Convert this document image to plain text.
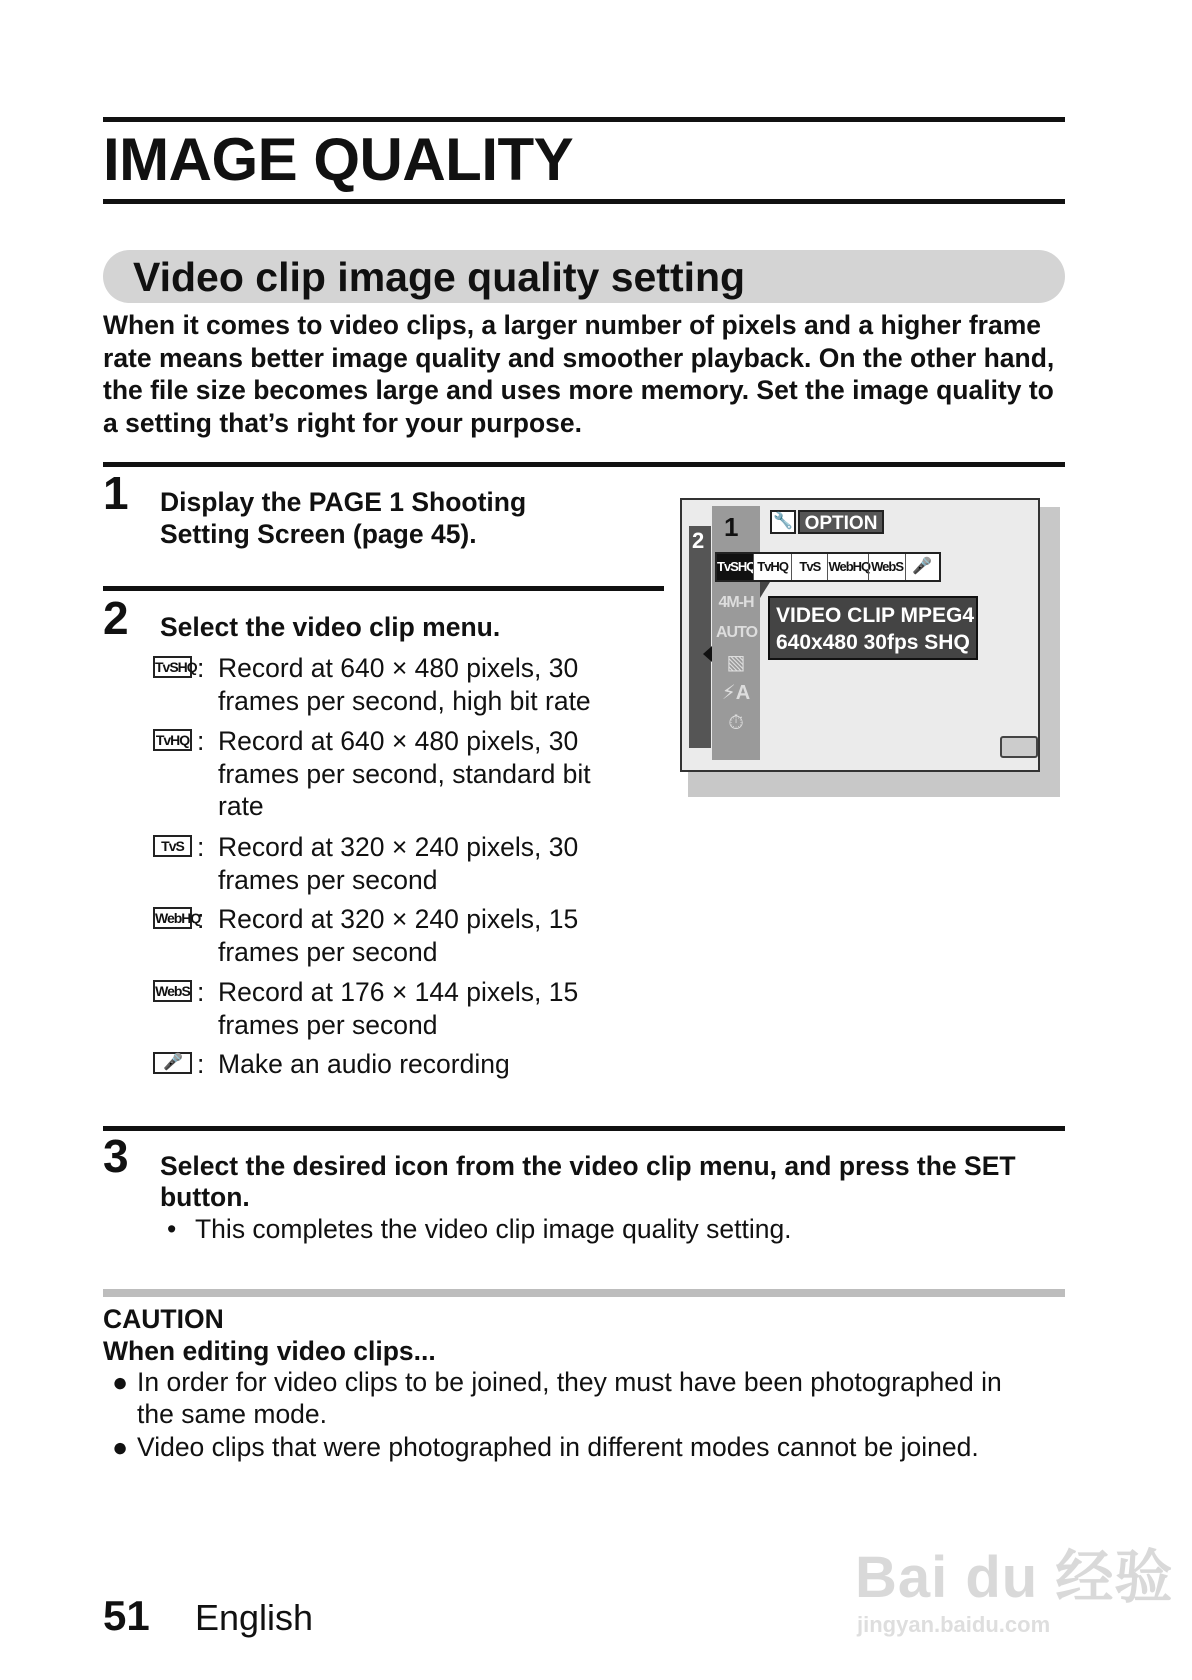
IMAGE QUALITY
Video clip image quality setting
When it comes to video clips, a larger number of pixels and a higher frame rate means better image quality and smoother playback. On the other hand, the file size becomes large and uses more memory. Set the image quality to a setting that’s right for your purpose.
1 Display the PAGE 1 Shooting
Setting Screen (page 45).
2 Select the video clip menu.
TvSHQ : Record at 640 × 480 pixels, 30
frames per second, high bit rate
TvHQ : Record at 640 × 480 pixels, 30
frames per second, standard bit
rate
TvS : Record at 320 × 240 pixels, 30
frames per second
WebHQ
: Record at 320 × 240 pixels, 15
frames per second
WebS : Record at 176 × 144 pixels, 15
frames per second
🎤 : Make an audio recording
2 1
4M-H
AUTO
▧
⚡A
⏱
🔧 OPTION
TvSHQ TvHQ TvS WebHQ WebS 🎤
VIDEO CLIP MPEG4
640x480 30fps SHQ
3 Select the desired icon from the video clip menu, and press the SET
button.
• This completes the video clip image quality setting.
CAUTION
When editing video clips...
● In order for video clips to be joined, they must have been photographed in
the same mode.
● Video clips that were photographed in different modes cannot be joined.
51 English
Bai du 经验
jingyan.baidu.com
